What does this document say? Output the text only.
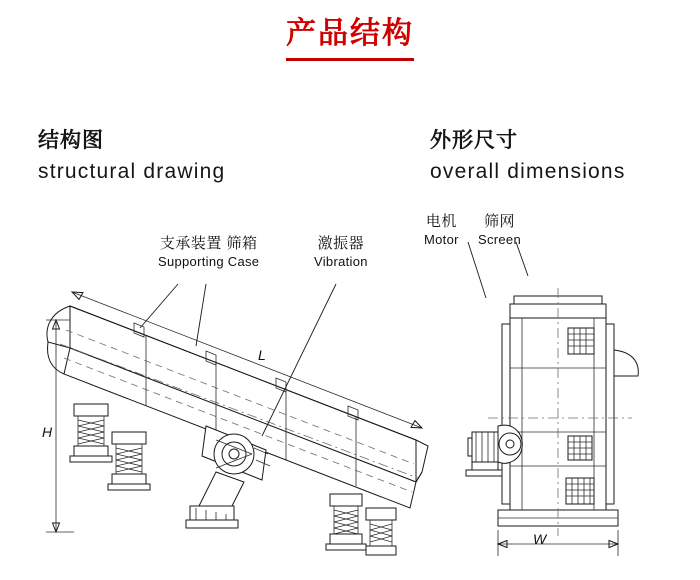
产品结构
结构图
structural drawing
外形尺寸
overall dimensions
支承装置 筛箱
Supporting Case
激振器
Vibration
电机
Motor
筛网
Screen
H
L
W
